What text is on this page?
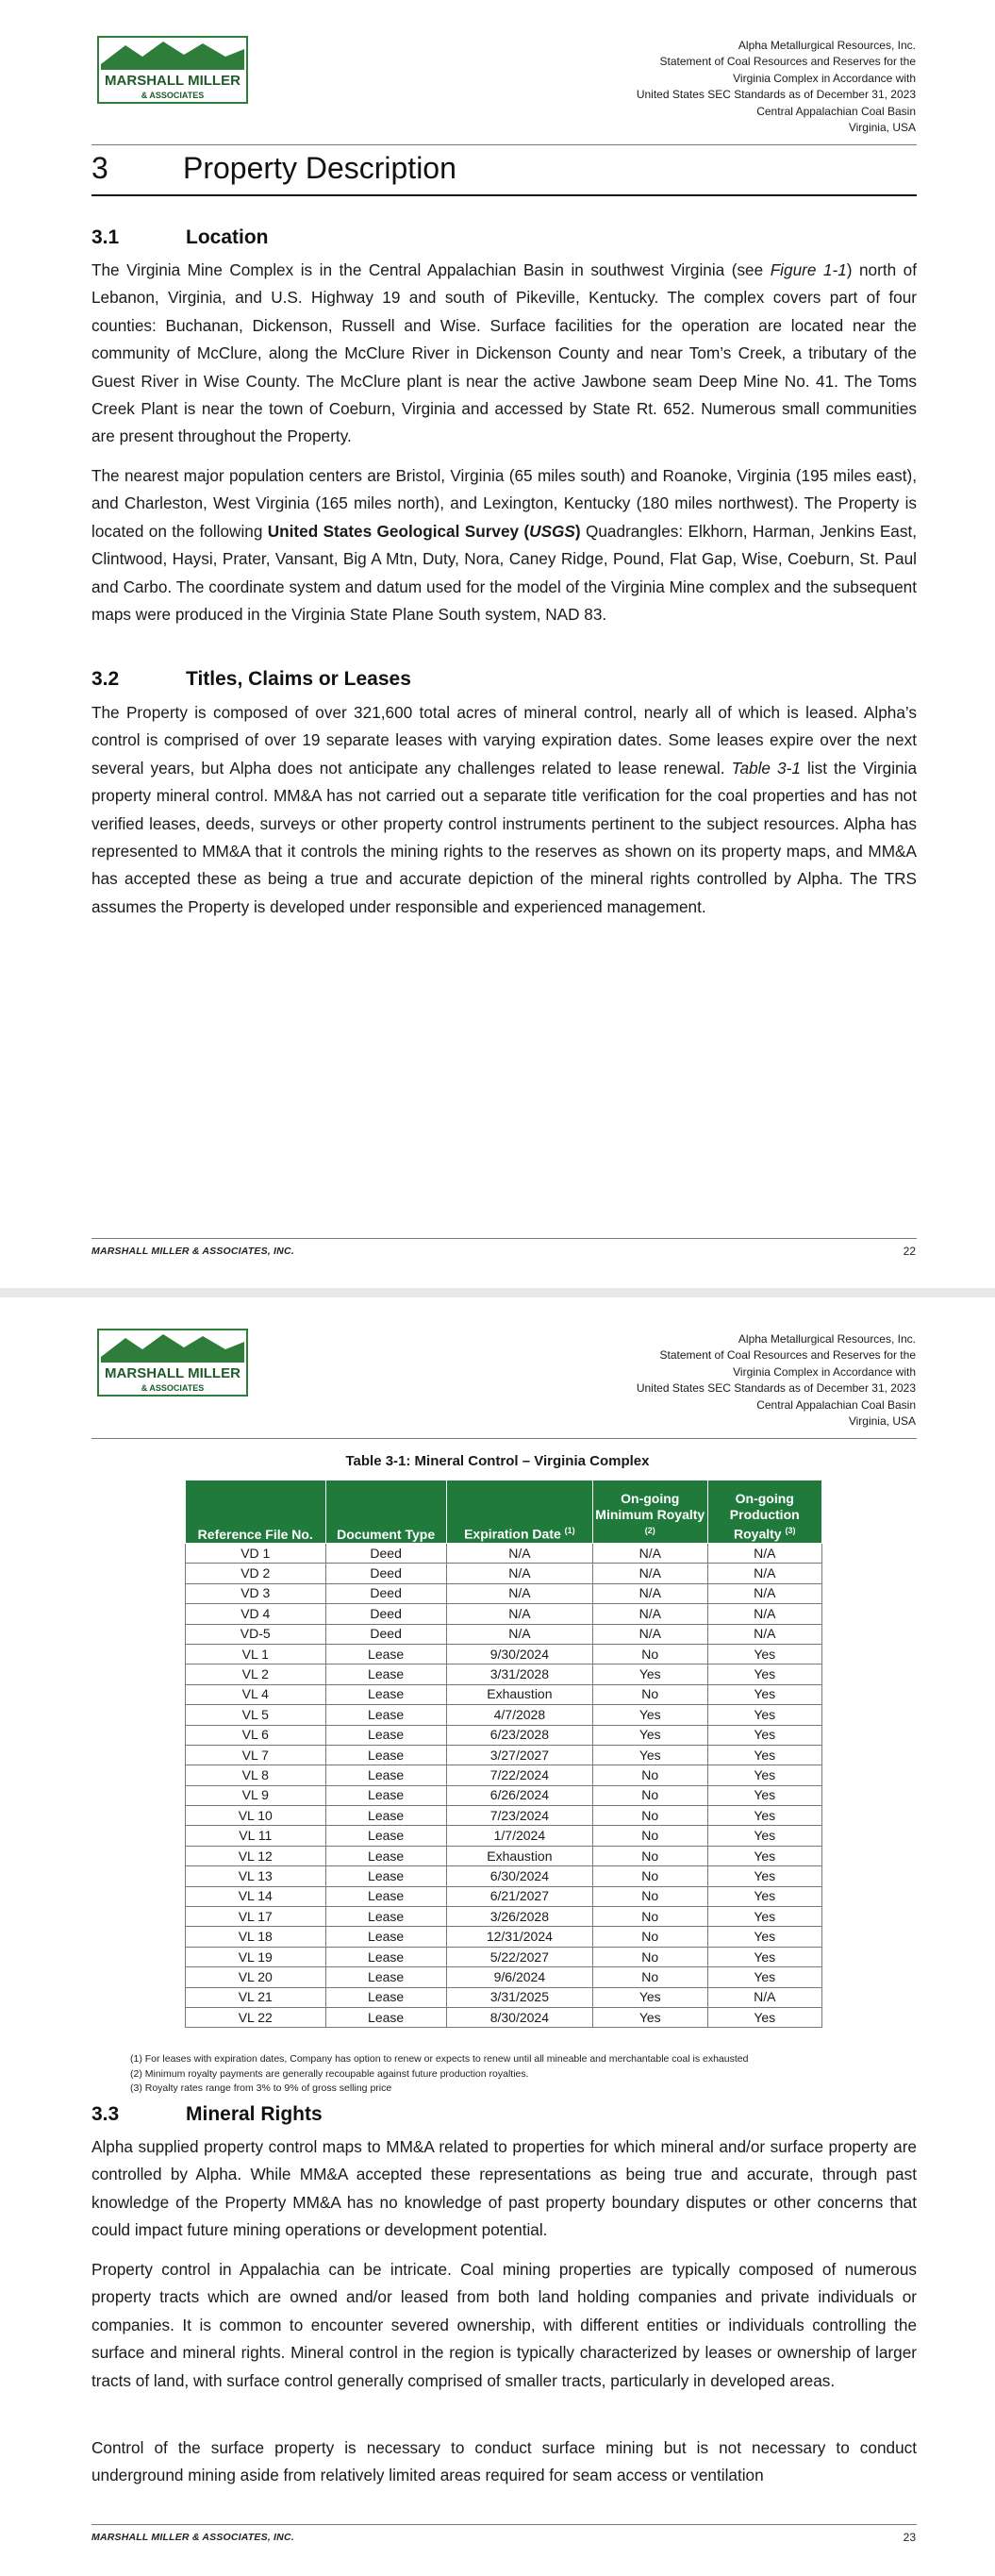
MARSHALL MILLER
& ASSOCIATES
Alpha Metallurgical Resources, Inc.
Statement of Coal Resources and Reserves for the
Virginia Complex in Accordance with
United States SEC Standards as of December 31, 2023
Central Appalachian Coal Basin
Virginia, USA
3 Property Description
3.1	Location

The Virginia Mine Complex is in the Central Appalachian Basin in southwest Virginia (see Figure 1-1) north of Lebanon, Virginia, and U.S. Highway 19 and south of Pikeville, Kentucky. The complex covers part of four counties: Buchanan, Dickenson, Russell and Wise. Surface facilities for the operation are located near the community of McClure, along the McClure River in Dickenson County and near Tom’s Creek, a tributary of the Guest River in Wise County. The McClure plant is near the active Jawbone seam Deep Mine No. 41. The Toms Creek Plant is near the town of Coeburn, Virginia and accessed by State Rt. 652. Numerous small communities are present throughout the Property.

The nearest major population centers are Bristol, Virginia (65 miles south) and Roanoke, Virginia (195 miles east), and Charleston, West Virginia (165 miles north), and Lexington, Kentucky (180 miles northwest). The Property is located on the following United States Geological Survey (USGS) Quadrangles: Elkhorn, Harman, Jenkins East, Clintwood, Haysi, Prater, Vansant, Big A Mtn, Duty, Nora, Caney Ridge, Pound, Flat Gap, Wise, Coeburn, St. Paul and Carbo. The coordinate system and datum used for the model of the Virginia Mine complex and the subsequent maps were produced in the Virginia State Plane South system, NAD 83.

3.2	Titles, Claims or Leases

The Property is composed of over 321,600 total acres of mineral control, nearly all of which is leased. Alpha’s control is comprised of over 19 separate leases with varying expiration dates. Some leases expire over the next several years, but Alpha does not anticipate any challenges related to lease renewal. Table 3-1 list the Virginia property mineral control. MM&A has not carried out a separate title verification for the coal properties and has not verified leases, deeds, surveys or other property control instruments pertinent to the subject resources. Alpha has represented to MM&A that it controls the mining rights to the reserves as shown on its property maps, and MM&A has accepted these as being a true and accurate depiction of the mineral rights controlled by Alpha. The TRS assumes the Property is developed under responsible and experienced management.

MARSHALL MILLER & ASSOCIATES, INC.	22
MARSHALL MILLER
& ASSOCIATES
Alpha Metallurgical Resources, Inc.
Statement of Coal Resources and Reserves for the
Virginia Complex in Accordance with
United States SEC Standards as of December 31, 2023
Central Appalachian Coal Basin
Virginia, USA
Table 3-1: Mineral Control – Virginia Complex
Reference File No.	Document Type	Expiration Date $^{(1)}$	On-going Minimum Royalty $^{(2)}$	On-going Production Royalty $^{(3)}$
VD 1	Deed	N/A	N/A	N/A
VD 2	Deed	N/A	N/A	N/A
VD 3	Deed	N/A	N/A	N/A
VD 4	Deed	N/A	N/A	N/A
VD-5	Deed	N/A	N/A	N/A
VL 1	Lease	9/30/2024	No	Yes
VL 2	Lease	3/31/2028	Yes	Yes
VL 4	Lease	Exhaustion	No	Yes
VL 5	Lease	4/7/2028	Yes	Yes
VL 6	Lease	6/23/2028	Yes	Yes
VL 7	Lease	3/27/2027	Yes	Yes
VL 8	Lease	7/22/2024	No	Yes
VL 9	Lease	6/26/2024	No	Yes
VL 10	Lease	7/23/2024	No	Yes
VL 11	Lease	1/7/2024	No	Yes
VL 12	Lease	Exhaustion	No	Yes
VL 13	Lease	6/30/2024	No	Yes
VL 14	Lease	6/21/2027	No	Yes
VL 17	Lease	3/26/2028	No	Yes
VL 18	Lease	12/31/2024	No	Yes
VL 19	Lease	5/22/2027	No	Yes
VL 20	Lease	9/6/2024	No	Yes
VL 21	Lease	3/31/2025	Yes	N/A
VL 22	Lease	8/30/2024	Yes	Yes
(1) For leases with expiration dates, Company has option to renew or expects to renew until all mineable and merchantable coal is exhausted
(2) Minimum royalty payments are generally recoupable against future production royalties.
(3) Royalty rates range from 3% to 9% of gross selling price
3.3	Mineral Rights

Alpha supplied property control maps to MM&A related to properties for which mineral and/or surface property are controlled by Alpha. While MM&A accepted these representations as being true and accurate, through past knowledge of the Property MM&A has no knowledge of past property boundary disputes or other concerns that could impact future mining operations or development potential.

Property control in Appalachia can be intricate. Coal mining properties are typically composed of numerous property tracts which are owned and/or leased from both land holding companies and private individuals or companies. It is common to encounter severed ownership, with different entities or individuals controlling the surface and mineral rights. Mineral control in the region is typically characterized by leases or ownership of larger tracts of land, with surface control generally comprised of smaller tracts, particularly in developed areas.

Control of the surface property is necessary to conduct surface mining but is not necessary to conduct underground mining aside from relatively limited areas required for seam access or ventilation

MARSHALL MILLER & ASSOCIATES, INC.	23
